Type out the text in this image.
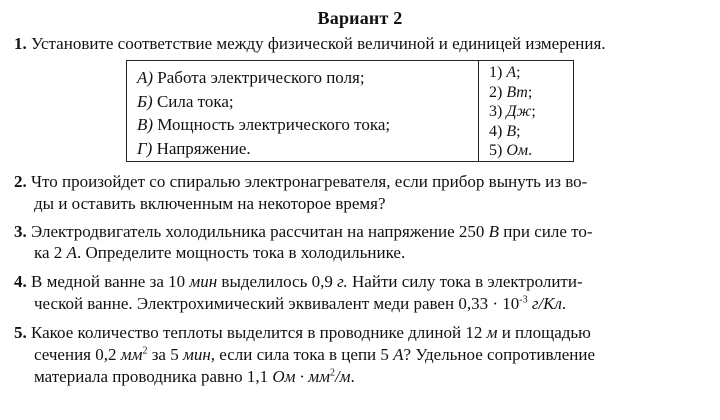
Вариант 2
1. Установите соответствие между физической величиной и единицей измерения.
А) Работа электрического поля;
Б) Сила тока;
В) Мощность электрического тока;
Г) Напряжение.
1) А;
2) Вт;
3) Дж;
4) В;
5) Ом.
2. Что произойдет со спиралью электронагревателя, если прибор вынуть из во-
ды и оставить включенным на некоторое время?
3. Электродвигатель холодильника рассчитан на напряжение 250 В при силе то-
ка 2 А. Определите мощность тока в холодильнике.
4. В медной ванне за 10 мин выделилось 0,9 г. Найти силу тока в электролити-
ческой ванне. Электрохимический эквивалент меди равен $0,33 \cdot 10^{-3}$ г/Кл.
5. Какое количество теплоты выделится в проводнике длиной 12 м и площадью
сечения 0,2 $мм^2$ за 5 мин, если сила тока в цепи 5 А? Удельное сопротивление
материала проводника равно 1,1 Ом · $мм^2/м$.
